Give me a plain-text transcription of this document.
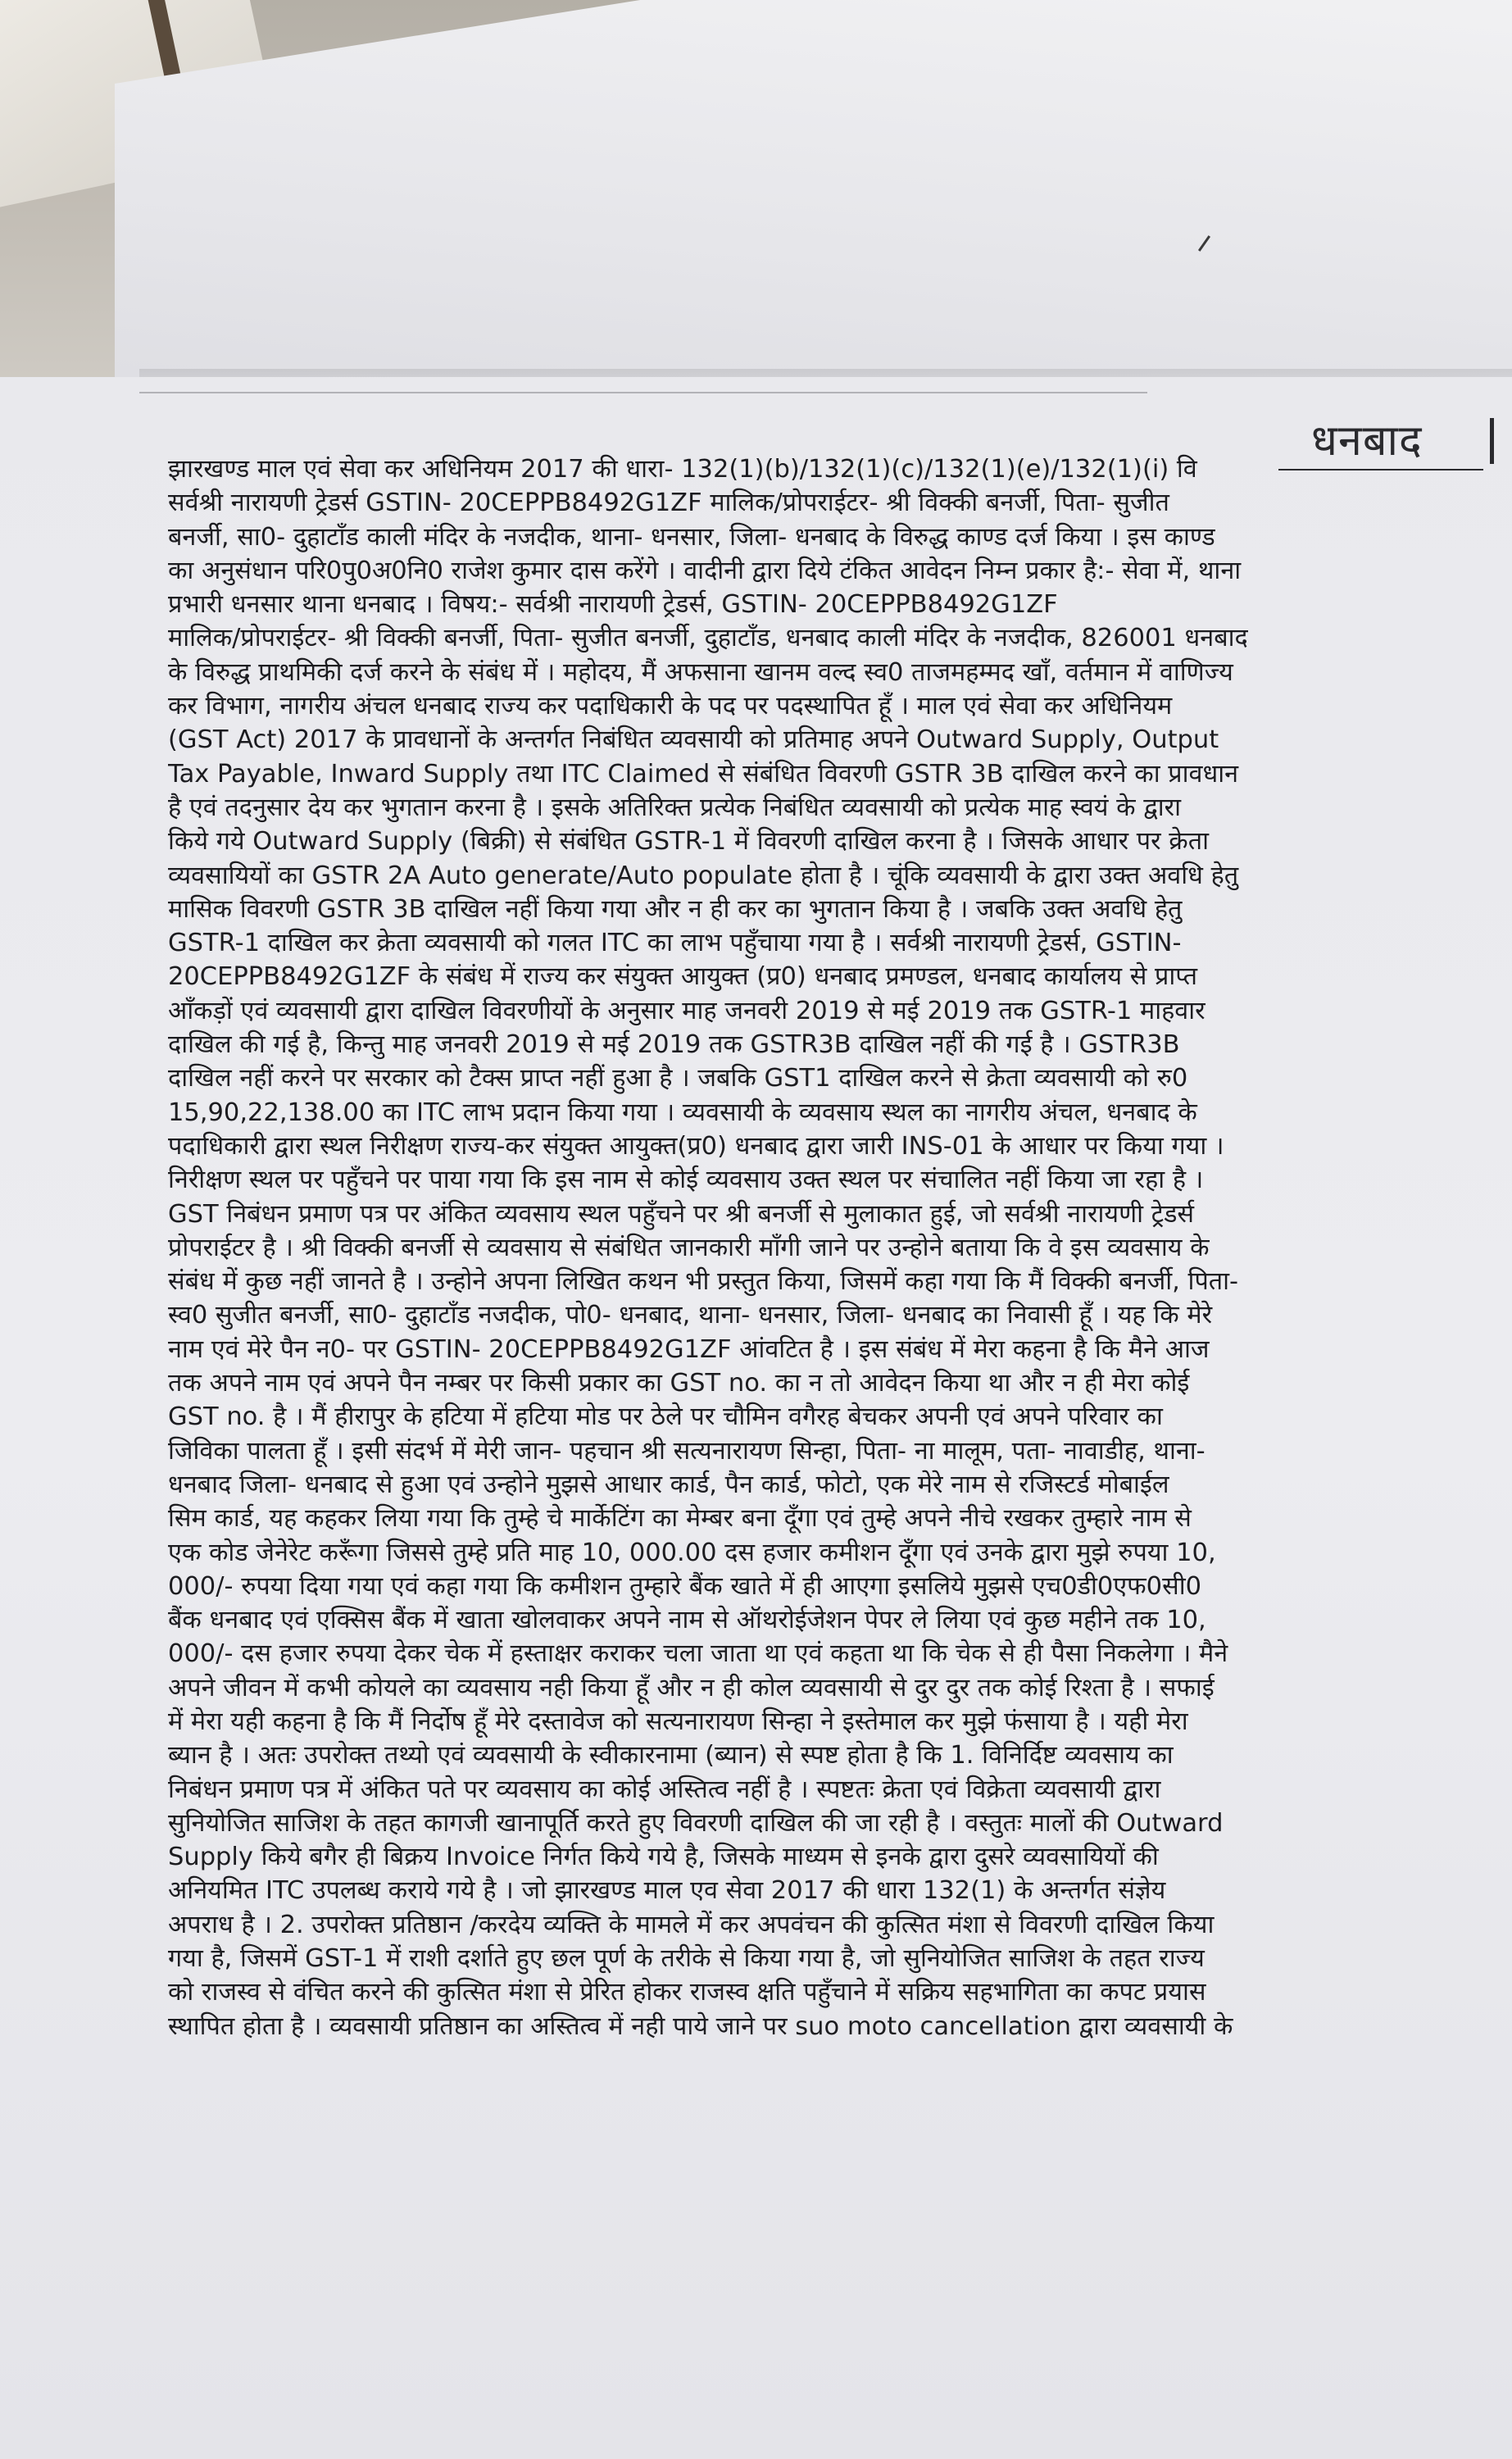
धनबाद
झारखण्ड माल एवं सेवा कर अधिनियम 2017 की धारा- 132(1)(b)/132(1)(c)/132(1)(e)/132(1)(i) वि
सर्वश्री नारायणी ट्रेडर्स GSTIN- 20CEPPB8492G1ZF मालिक/प्रोपराईटर- श्री विक्की बनर्जी, पिता- सुजीत
बनर्जी, सा0- दुहाटाँड काली मंदिर के नजदीक, थाना- धनसार, जिला- धनबाद के विरुद्ध काण्ड दर्ज किया । इस काण्ड
का अनुसंधान परि0पु0अ0नि0 राजेश कुमार दास करेंगे । वादीनी द्वारा दिये टंकित आवेदन निम्न प्रकार है:- सेवा में, थाना
प्रभारी धनसार थाना धनबाद । विषय:- सर्वश्री नारायणी ट्रेडर्स, GSTIN- 20CEPPB8492G1ZF
मालिक/प्रोपराईटर- श्री विक्की बनर्जी, पिता- सुजीत बनर्जी, दुहाटाँड, धनबाद काली मंदिर के नजदीक, 826001 धनबाद
के विरुद्ध प्राथमिकी दर्ज करने के संबंध में । महोदय, मैं अफसाना खानम वल्द स्व0 ताजमहम्मद खाँ, वर्तमान में वाणिज्य
कर विभाग, नागरीय अंचल धनबाद राज्य कर पदाधिकारी के पद पर पदस्थापित हूँ । माल एवं सेवा कर अधिनियम
(GST Act) 2017 के प्रावधानों के अन्तर्गत निबंधित व्यवसायी को प्रतिमाह अपने Outward Supply, Output
Tax Payable, Inward Supply तथा ITC Claimed से संबंधित विवरणी GSTR 3B दाखिल करने का प्रावधान
है एवं तदनुसार देय कर भुगतान करना है । इसके अतिरिक्त प्रत्येक निबंधित व्यवसायी को प्रत्येक माह स्वयं के द्वारा
किये गये Outward Supply (बिक्री) से संबंधित GSTR-1 में विवरणी दाखिल करना है । जिसके आधार पर क्रेता
व्यवसायियों का GSTR 2A Auto generate/Auto populate होता है । चूंकि व्यवसायी के द्वारा उक्त अवधि हेतु
मासिक विवरणी GSTR 3B दाखिल नहीं किया गया और न ही कर का भुगतान किया है । जबकि उक्त अवधि हेतु
GSTR-1 दाखिल कर क्रेता व्यवसायी को गलत ITC का लाभ पहुँचाया गया है । सर्वश्री नारायणी ट्रेडर्स, GSTIN-
20CEPPB8492G1ZF के संबंध में राज्य कर संयुक्त आयुक्त (प्र0) धनबाद प्रमण्डल, धनबाद कार्यालय से प्राप्त
आँकड़ों एवं व्यवसायी द्वारा दाखिल विवरणीयों के अनुसार माह जनवरी 2019 से मई 2019 तक GSTR-1 माहवार
दाखिल की गई है, किन्तु माह जनवरी 2019 से मई 2019 तक GSTR3B दाखिल नहीं की गई है । GSTR3B
दाखिल नहीं करने पर सरकार को टैक्स प्राप्त नहीं हुआ है । जबकि GST1 दाखिल करने से क्रेता व्यवसायी को रु0
15,90,22,138.00 का ITC लाभ प्रदान किया गया । व्यवसायी के व्यवसाय स्थल का नागरीय अंचल, धनबाद के
पदाधिकारी द्वारा स्थल निरीक्षण राज्य-कर संयुक्त आयुक्त(प्र0) धनबाद द्वारा जारी INS-01 के आधार पर किया गया ।
निरीक्षण स्थल पर पहुँचने पर पाया गया कि इस नाम से कोई व्यवसाय उक्त स्थल पर संचालित नहीं किया जा रहा है ।
GST निबंधन प्रमाण पत्र पर अंकित व्यवसाय स्थल पहुँचने पर श्री बनर्जी से मुलाकात हुई, जो सर्वश्री नारायणी ट्रेडर्स
प्रोपराईटर है । श्री विक्की बनर्जी से व्यवसाय से संबंधित जानकारी माँगी जाने पर उन्होने बताया कि वे इस व्यवसाय के
संबंध में कुछ नहीं जानते है । उन्होने अपना लिखित कथन भी प्रस्तुत किया, जिसमें कहा गया कि मैं विक्की बनर्जी, पिता-
स्व0 सुजीत बनर्जी, सा0- दुहाटाँड नजदीक, पो0- धनबाद, थाना- धनसार, जिला- धनबाद का निवासी हूँ । यह कि मेरे
नाम एवं मेरे पैन न0- पर GSTIN- 20CEPPB8492G1ZF आंवटित है । इस संबंध में मेरा कहना है कि मैने आज
तक अपने नाम एवं अपने पैन नम्बर पर किसी प्रकार का GST no. का न तो आवेदन किया था और न ही मेरा कोई
GST no. है । मैं हीरापुर के हटिया में हटिया मोड पर ठेले पर चौमिन वगैरह बेचकर अपनी एवं अपने परिवार का
जिविका पालता हूँ । इसी संदर्भ में मेरी जान- पहचान श्री सत्यनारायण सिन्हा, पिता- ना मालूम, पता- नावाडीह, थाना-
धनबाद जिला- धनबाद से हुआ एवं उन्होने मुझसे आधार कार्ड, पैन कार्ड, फोटो, एक मेरे नाम से रजिस्टर्ड मोबाईल
सिम कार्ड, यह कहकर लिया गया कि तुम्हे चे मार्केटिंग का मेम्बर बना दूँगा एवं तुम्हे अपने नीचे रखकर तुम्हारे नाम से
एक कोड जेनेरेट करूँगा जिससे तुम्हे प्रति माह 10, 000.00 दस हजार कमीशन दूँगा एवं उनके द्वारा मुझे रुपया 10,
000/- रुपया दिया गया एवं कहा गया कि कमीशन तुम्हारे बैंक खाते में ही आएगा इसलिये मुझसे एच0डी0एफ0सी0
बैंक धनबाद एवं एक्सिस बैंक में खाता खोलवाकर अपने नाम से ऑथरोईजेशन पेपर ले लिया एवं कुछ महीने तक 10,
000/- दस हजार रुपया देकर चेक में हस्ताक्षर कराकर चला जाता था एवं कहता था कि चेक से ही पैसा निकलेगा । मैने
अपने जीवन में कभी कोयले का व्यवसाय नही किया हूँ और न ही कोल व्यवसायी से दुर दुर तक कोई रिश्ता है । सफाई
में मेरा यही कहना है कि मैं निर्दोष हूँ मेरे दस्तावेज को सत्यनारायण सिन्हा ने इस्तेमाल कर मुझे फंसाया है । यही मेरा
ब्यान है । अतः उपरोक्त तथ्यो एवं व्यवसायी के स्वीकारनामा (ब्यान) से स्पष्ट होता है कि 1. विनिर्दिष्ट व्यवसाय का
निबंधन प्रमाण पत्र में अंकित पते पर व्यवसाय का कोई अस्तित्व नहीं है । स्पष्टतः क्रेता एवं विक्रेता व्यवसायी द्वारा
सुनियोजित साजिश के तहत कागजी खानापूर्ति करते हुए विवरणी दाखिल की जा रही है । वस्तुतः मालों की Outward
Supply किये बगैर ही बिक्रय Invoice निर्गत किये गये है, जिसके माध्यम से इनके द्वारा दुसरे व्यवसायियों की
अनियमित ITC उपलब्ध कराये गये है । जो झारखण्ड माल एव सेवा 2017 की धारा 132(1) के अन्तर्गत संज्ञेय
अपराध है । 2. उपरोक्त प्रतिष्ठान /करदेय व्यक्ति के मामले में कर अपवंचन की कुत्सित मंशा से विवरणी दाखिल किया
गया है, जिसमें GST-1 में राशी दर्शाते हुए छल पूर्ण के तरीके से किया गया है, जो सुनियोजित साजिश के तहत राज्य
को राजस्व से वंचित करने की कुत्सित मंशा से प्रेरित होकर राजस्व क्षति पहुँचाने में सक्रिय सहभागिता का कपट प्रयास
स्थापित होता है । व्यवसायी प्रतिष्ठान का अस्तित्व में नही पाये जाने पर suo moto cancellation द्वारा व्यवसायी के
